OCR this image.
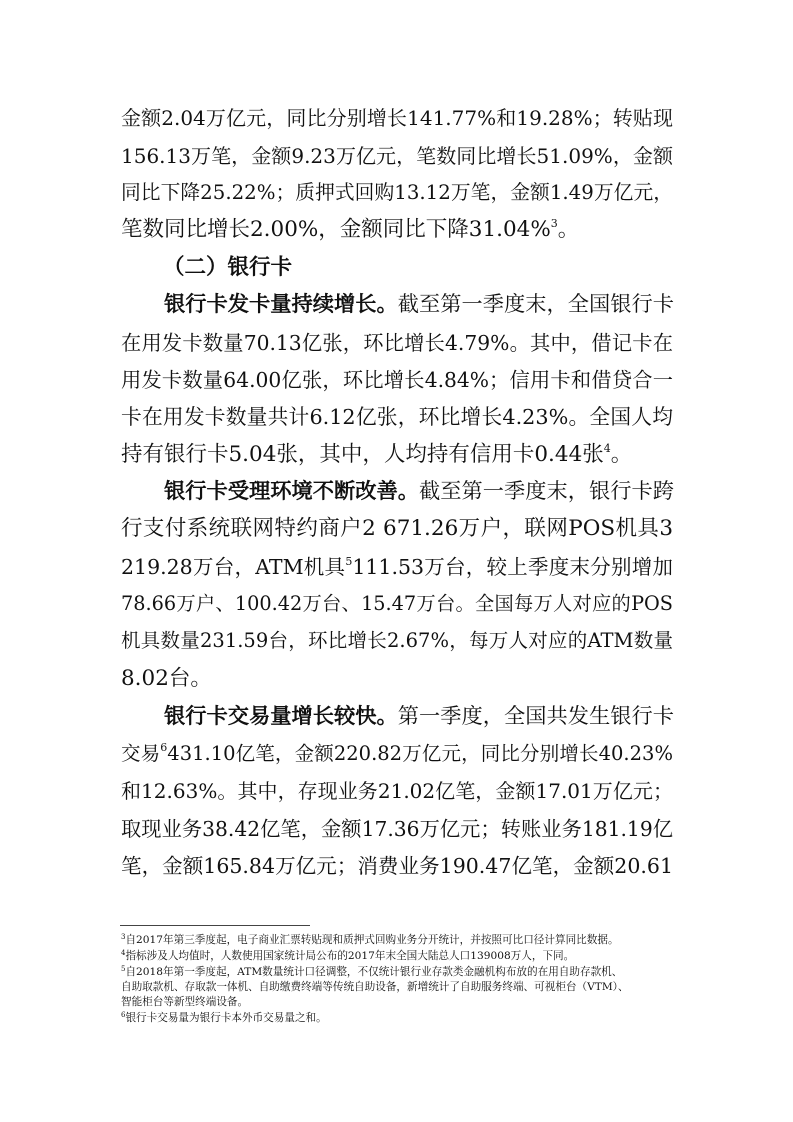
金额2.04万亿元，同比分别增长141.77%和19.28%；转贴现
156.13万笔，金额9.23万亿元，笔数同比增长51.09%，金额
同比下降25.22%；质押式回购13.12万笔，金额1.49万亿元，
笔数同比增长2.00%，金额同比下降31.04%$^3$。
（二）银行卡
银行卡发卡量持续增长。截至第一季度末，全国银行卡
在用发卡数量70.13亿张，环比增长4.79%。其中，借记卡在
用发卡数量64.00亿张，环比增长4.84%；信用卡和借贷合一
卡在用发卡数量共计6.12亿张，环比增长4.23%。全国人均
持有银行卡5.04张，其中，人均持有信用卡0.44张$^4$。
银行卡受理环境不断改善。截至第一季度末，银行卡跨
行支付系统联网特约商户2 671.26万户，联网POS机具3
219.28万台，ATM机具$^5$111.53万台，较上季度末分别增加
78.66万户、100.42万台、15.47万台。全国每万人对应的POS
机具数量231.59台，环比增长2.67%，每万人对应的ATM数量
8.02台。
银行卡交易量增长较快。第一季度，全国共发生银行卡
交易$^6$431.10亿笔，金额220.82万亿元，同比分别增长40.23%
和12.63%。其中，存现业务21.02亿笔，金额17.01万亿元；
取现业务38.42亿笔，金额17.36万亿元；转账业务181.19亿
笔，金额165.84万亿元；消费业务190.47亿笔，金额20.61
$^3$自2017年第三季度起，电子商业汇票转贴现和质押式回购业务分开统计，并按照可比口径计算同比数据。
$^4$指标涉及人均值时，人数使用国家统计局公布的2017年末全国大陆总人口139008万人，下同。
$^5$自2018年第一季度起，ATM数量统计口径调整，不仅统计银行业存款类金融机构布放的在用自助存款机、
自助取款机、存取款一体机、自助缴费终端等传统自助设备，新增统计了自助服务终端、可视柜台（VTM）、
智能柜台等新型终端设备。
$^6$银行卡交易量为银行卡本外币交易量之和。
